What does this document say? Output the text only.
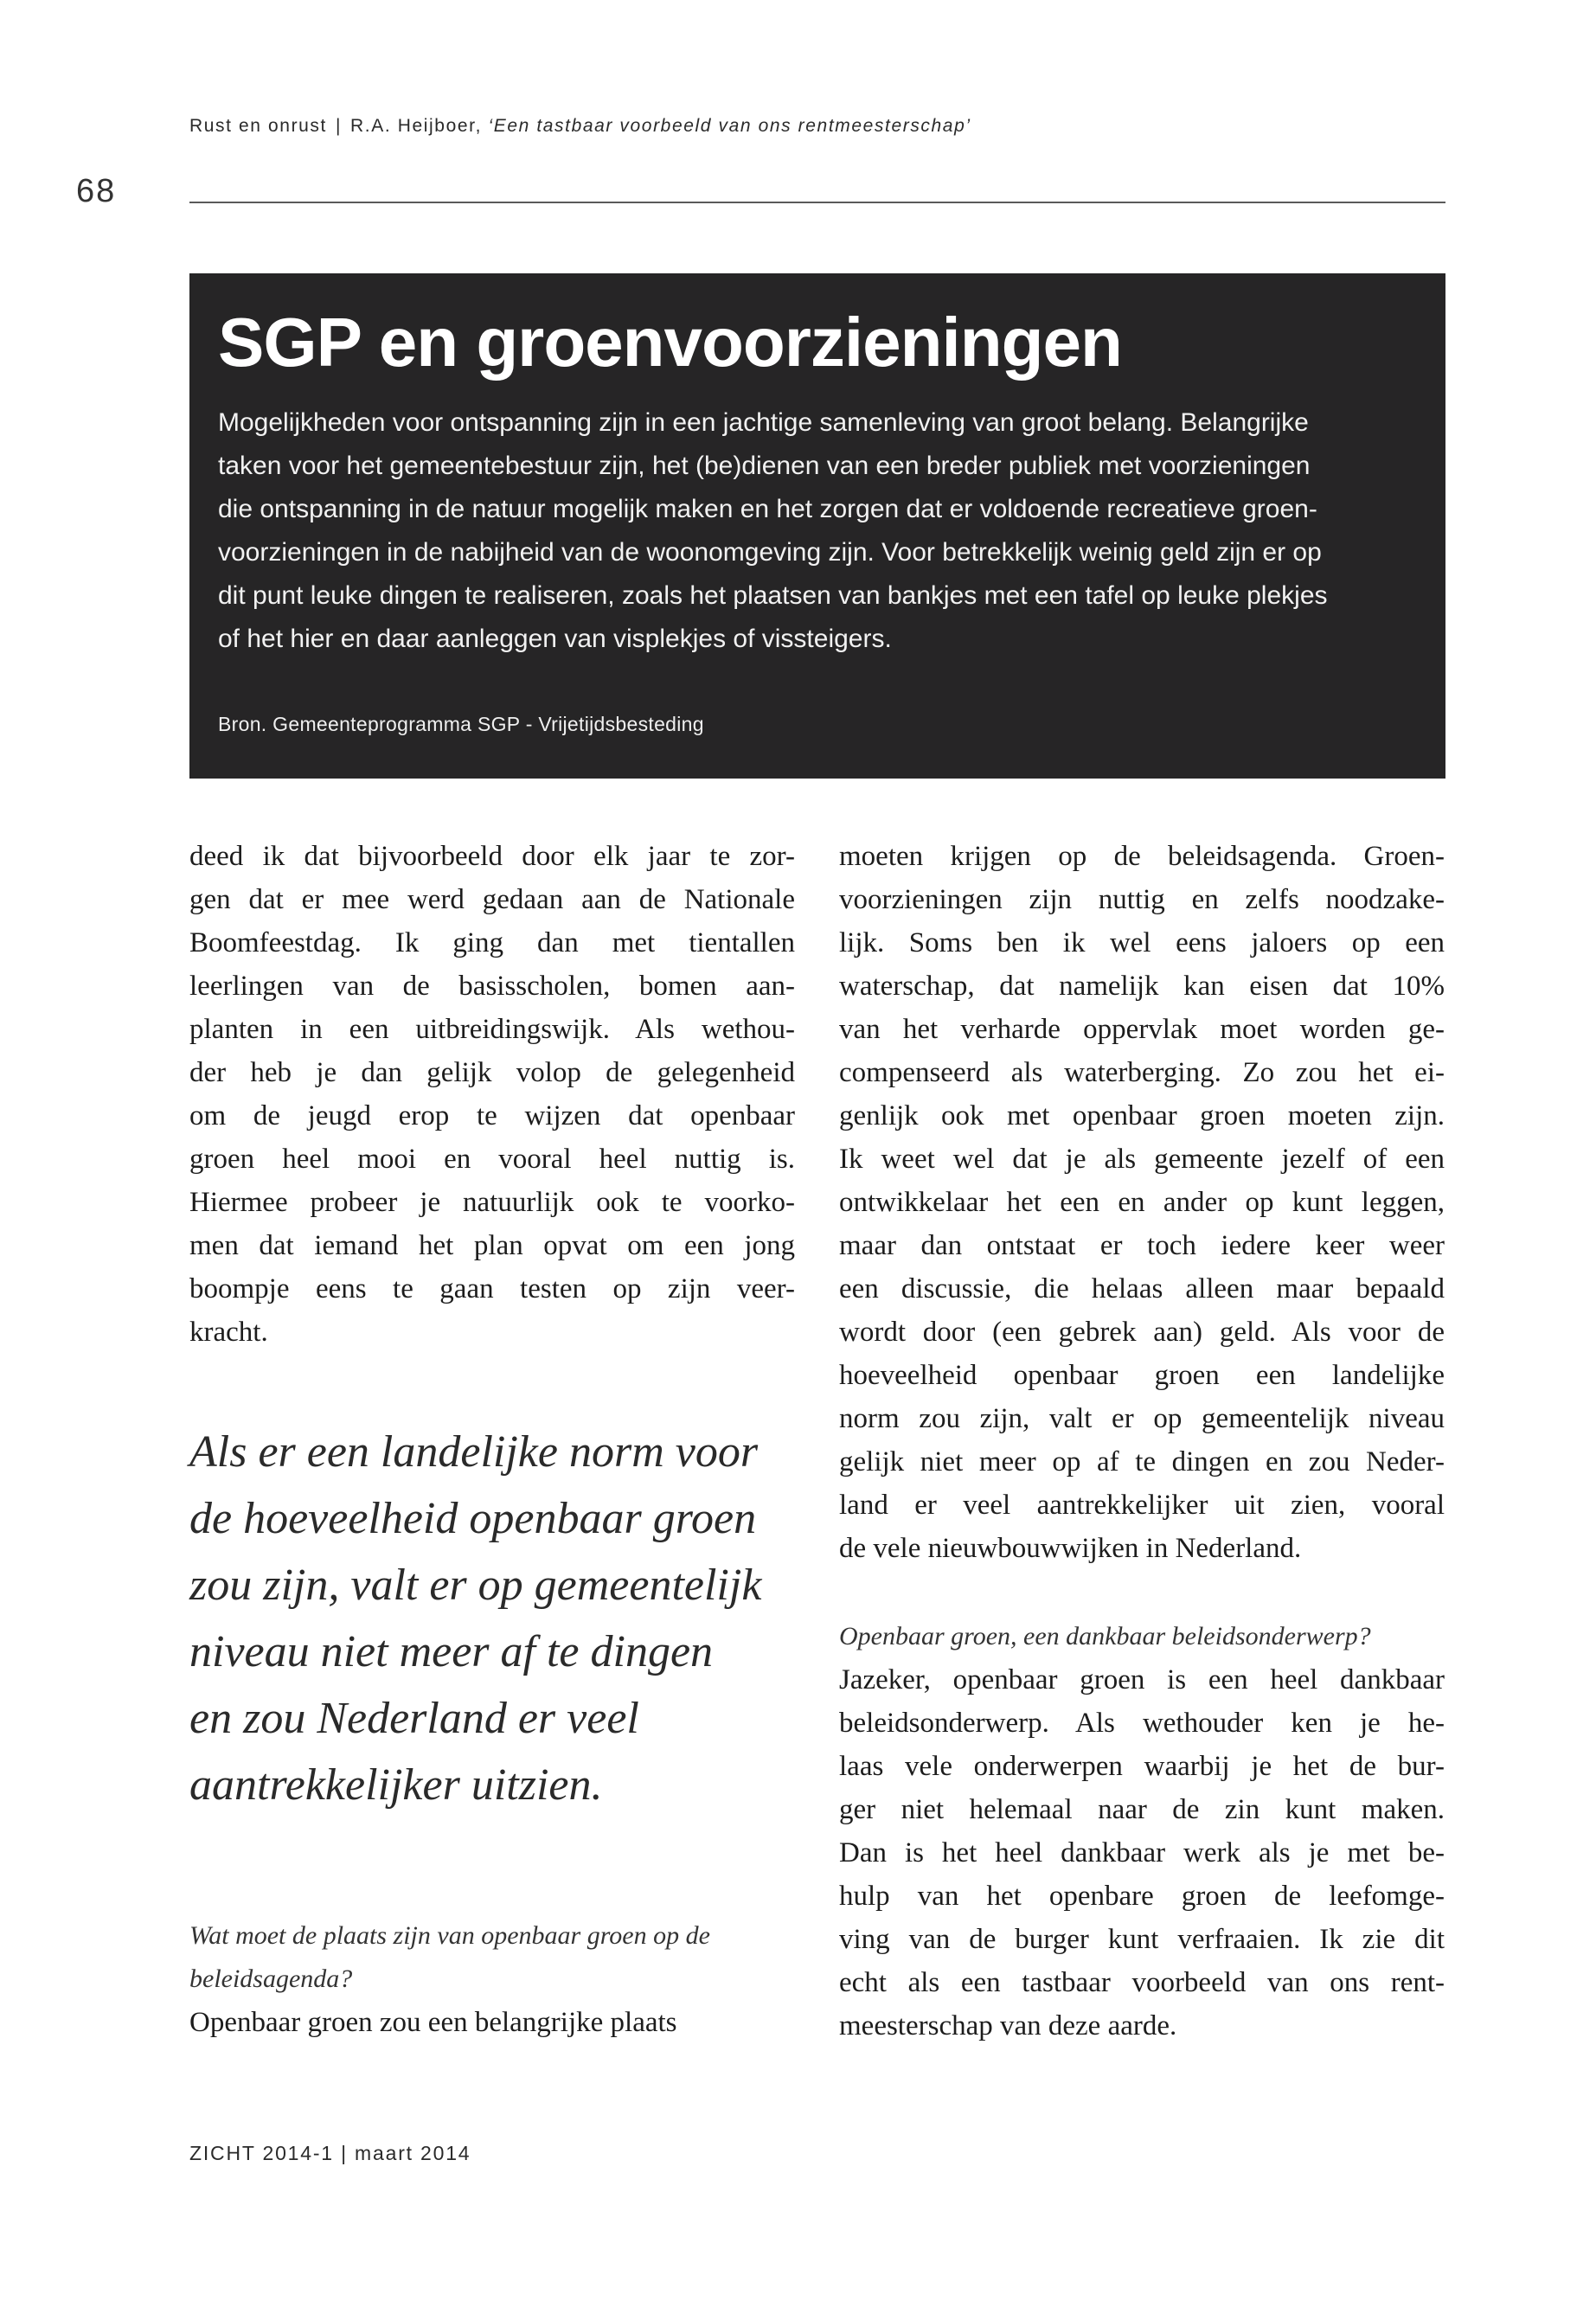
Rust en onrust | R.A. Heijboer, ‘Een tastbaar voorbeeld van ons rentmeesterschap’
68
SGP en groenvoorzieningen
Mogelijkheden voor ontspanning zijn in een jachtige samenleving van groot belang. Belangrijke
taken voor het gemeentebestuur zijn, het (be)dienen van een breder publiek met voorzieningen
die ontspanning in de natuur mogelijk maken en het zorgen dat er voldoende recreatieve groen-
voorzieningen in de nabijheid van de woonomgeving zijn. Voor betrekkelijk weinig geld zijn er op
dit punt leuke dingen te realiseren, zoals het plaatsen van bankjes met een tafel op leuke plekjes
of het hier en daar aanleggen van visplekjes of vissteigers.
Bron. Gemeenteprogramma SGP - Vrijetijdsbesteding
deed ik dat bijvoorbeeld door elk jaar te zor-
gen dat er mee werd gedaan aan de Nationale
Boomfeestdag. Ik ging dan met tientallen
leerlingen van de basisscholen, bomen aan-
planten in een uitbreidingswijk. Als wethou-
der heb je dan gelijk volop de gelegenheid
om de jeugd erop te wijzen dat openbaar
groen heel mooi en vooral heel nuttig is.
Hiermee probeer je natuurlijk ook te voorko-
men dat iemand het plan opvat om een jong
boompje eens te gaan testen op zijn veer-
kracht.
Als er een landelijke norm voor
de hoeveelheid openbaar groen
zou zijn, valt er op gemeentelijk
niveau niet meer af te dingen
en zou Nederland er veel
aantrekkelijker uitzien.
Wat moet de plaats zijn van openbaar groen op de
beleidsagenda?
Openbaar groen zou een belangrijke plaats
moeten krijgen op de beleidsagenda. Groen-
voorzieningen zijn nuttig en zelfs noodzake-
lijk. Soms ben ik wel eens jaloers op een
waterschap, dat namelijk kan eisen dat 10%
van het verharde oppervlak moet worden ge-
compenseerd als waterberging. Zo zou het ei-
genlijk ook met openbaar groen moeten zijn.
Ik weet wel dat je als gemeente jezelf of een
ontwikkelaar het een en ander op kunt leggen,
maar dan ontstaat er toch iedere keer weer
een discussie, die helaas alleen maar bepaald
wordt door (een gebrek aan) geld. Als voor de
hoeveelheid openbaar groen een landelijke
norm zou zijn, valt er op gemeentelijk niveau
gelijk niet meer op af te dingen en zou Neder-
land er veel aantrekkelijker uit zien, vooral
de vele nieuwbouwwijken in Nederland.
Openbaar groen, een dankbaar beleidsonderwerp?
Jazeker, openbaar groen is een heel dankbaar
beleidsonderwerp. Als wethouder ken je he-
laas vele onderwerpen waarbij je het de bur-
ger niet helemaal naar de zin kunt maken.
Dan is het heel dankbaar werk als je met be-
hulp van het openbare groen de leefomge-
ving van de burger kunt verfraaien. Ik zie dit
echt als een tastbaar voorbeeld van ons rent-
meesterschap van deze aarde.
ZICHT 2014-1 | maart 2014
